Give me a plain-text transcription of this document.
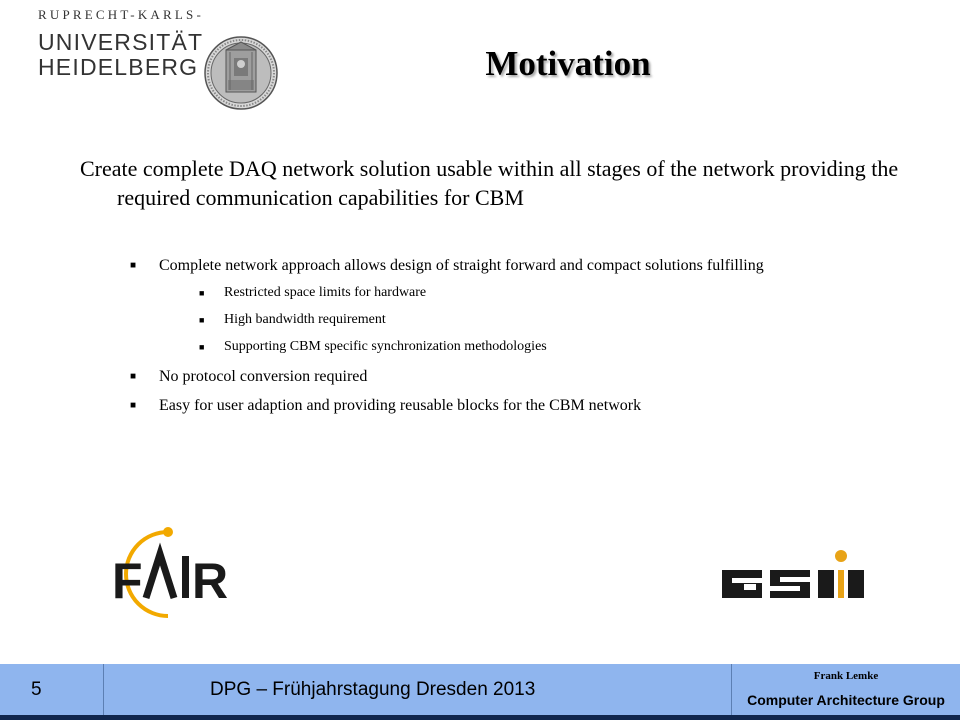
RUPRECHT-KARLS-
UNIVERSITÄT
HEIDELBERG	Motivation
Create complete DAQ network solution usable within all stages of the network providing the required communication capabilities for CBM
■ Complete network approach allows design of straight forward and compact solutions fulfilling
■ Restricted space limits for hardware
■ High bandwidth requirement
■ Supporting CBM specific synchronization methodologies
■ No protocol conversion required
■ Easy for user adaption and providing reusable blocks for the CBM network
F R
5	DPG – Frühjahrstagung Dresden 2013
Frank Lemke
Computer Architecture Group
